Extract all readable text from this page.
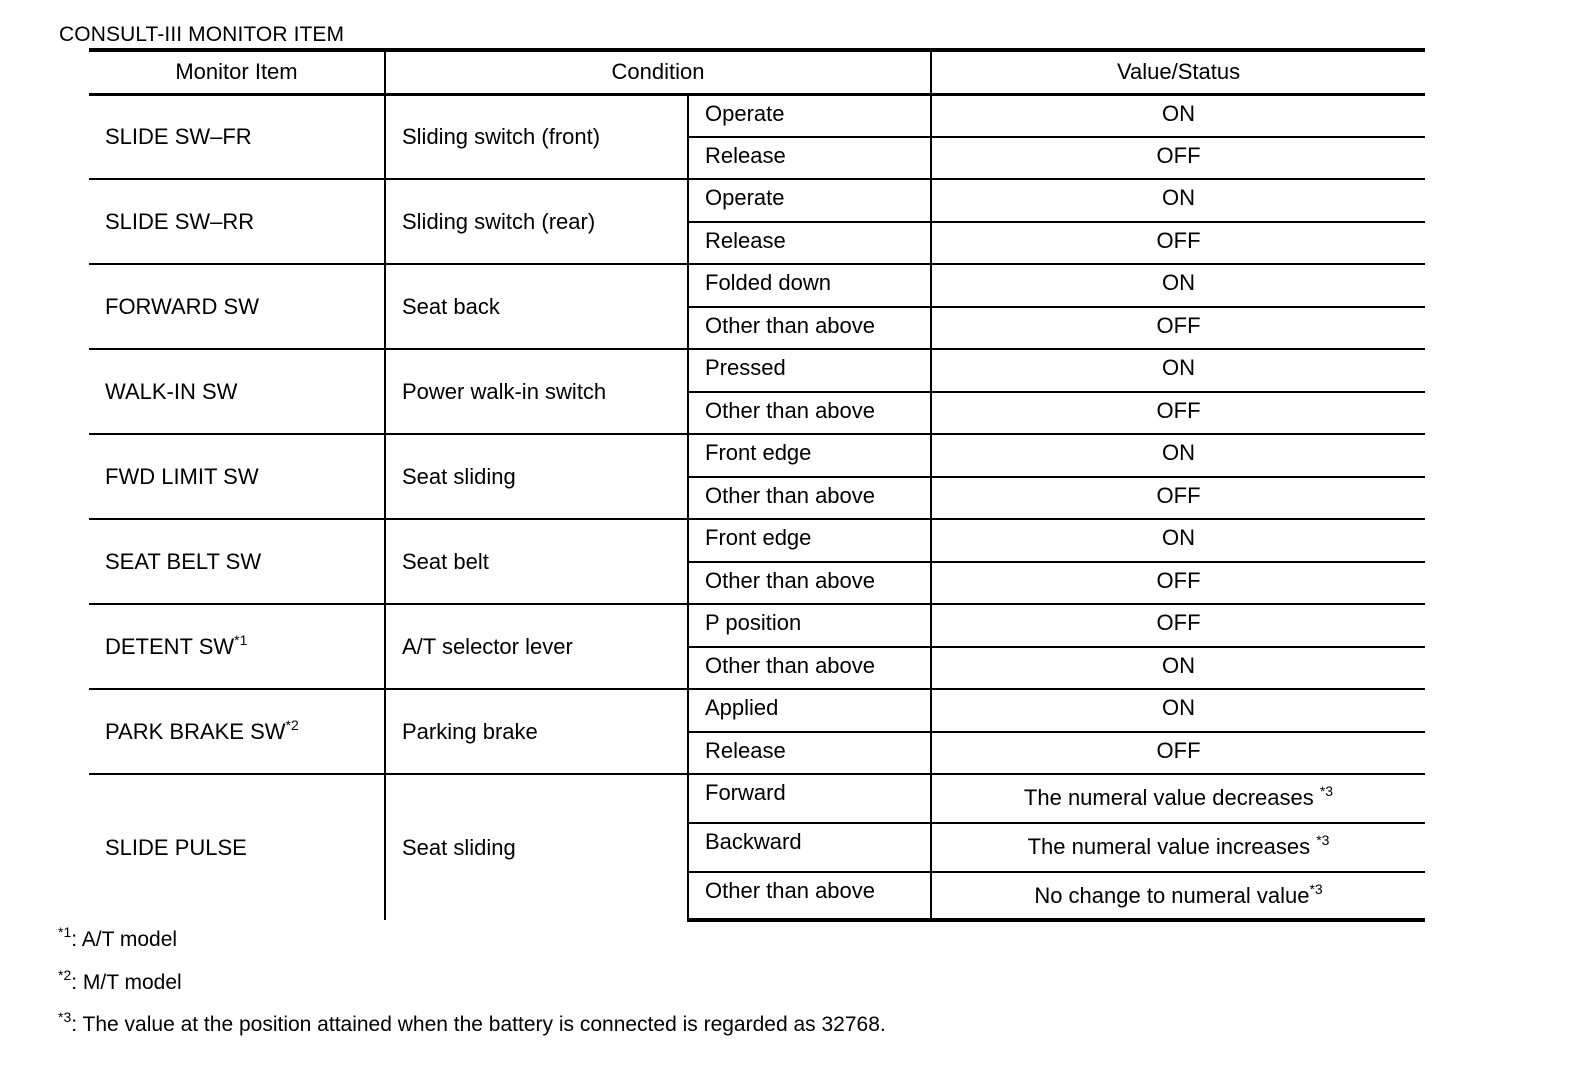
CONSULT-III MONITOR ITEM
Monitor Item	Condition		Value/Status
SLIDE SW–FR	Sliding switch (front)	Operate	ON
		Release	OFF
SLIDE SW–RR	Sliding switch (rear)	Operate	ON
		Release	OFF
FORWARD SW	Seat back	Folded down	ON
		Other than above	OFF
WALK-IN SW	Power walk-in switch	Pressed	ON
		Other than above	OFF
FWD LIMIT SW	Seat sliding	Front edge	ON
		Other than above	OFF
SEAT BELT SW	Seat belt	Front edge	ON
		Other than above	OFF
DETENT SW$^{*1}$	A/T selector lever	P position	OFF
		Other than above	ON
PARK BRAKE SW$^{*2}$	Parking brake	Applied	ON
		Release	OFF
SLIDE PULSE	Seat sliding	Forward	The numeral value decreases $^{*3}$
		Backward	The numeral value increases $^{*3}$
		Other than above	No change to numeral value$^{*3}$
$^{*1}$: A/T model
$^{*2}$: M/T model
$^{*3}$: The value at the position attained when the battery is connected is regarded as 32768.
